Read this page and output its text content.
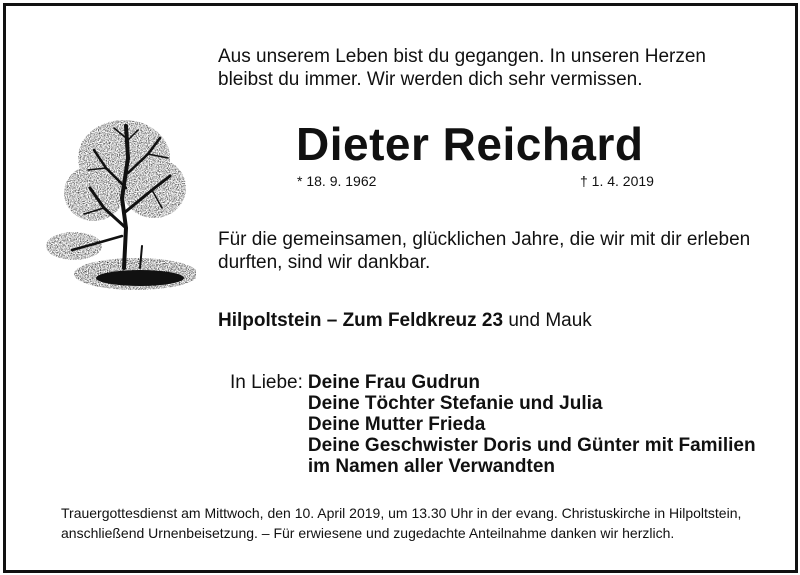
Aus unserem Leben bist du gegangen. In unseren Herzen bleibst du immer. Wir werden dich sehr vermissen.

Dieter Reichard
* 18. 9. 1962	† 1. 4. 2019

Für die gemeinsamen, glücklichen Jahre, die wir mit dir erleben durften, sind wir dankbar.

Hilpoltstein – Zum Feldkreuz 23 und Mauk
In Liebe:	Deine Frau Gudrun
	Deine Töchter Stefanie und Julia
	Deine Mutter Frieda
	Deine Geschwister Doris und Günter mit Familien
	im Namen aller Verwandten

Trauergottesdienst am Mittwoch, den 10. April 2019, um 13.30 Uhr in der evang. Christuskirche in Hilpoltstein, anschließend Urnenbeisetzung. – Für erwiesene und zugedachte Anteilnahme danken wir herzlich.
